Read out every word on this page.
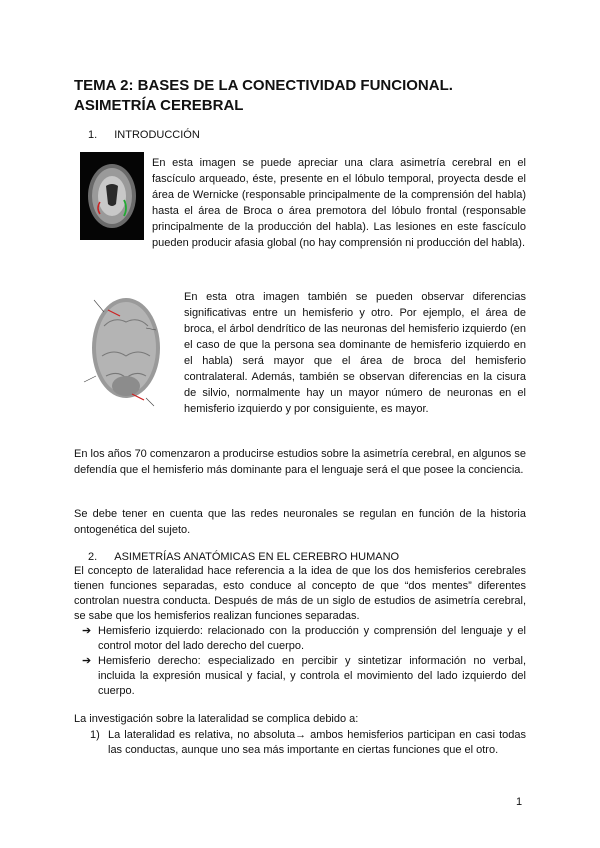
TEMA 2: BASES DE LA CONECTIVIDAD FUNCIONAL.
ASIMETRÍA CEREBRAL
1. INTRODUCCIÓN
En esta imagen se puede apreciar una clara asimetría cerebral en el fascículo arqueado, éste, presente en el lóbulo temporal, proyecta desde el área de Wernicke (responsable principalmente de la comprensión del habla) hasta el área de Broca o área premotora del lóbulo frontal (responsable principalmente de la producción del habla). Las lesiones en este fascículo pueden producir afasia global (no hay comprensión ni producción del habla).
En esta otra imagen también se pueden observar diferencias significativas entre un hemisferio y otro. Por ejemplo, el área de broca, el árbol dendrítico de las neuronas del hemisferio izquierdo (en el caso de que la persona sea dominante de hemisferio izquierdo en el habla) será mayor que el área de broca del hemisferio contralateral. Además, también se observan diferencias en la cisura de silvio, normalmente hay un mayor número de neuronas en el hemisferio izquierdo y por consiguiente, es mayor.
En los años 70 comenzaron a producirse estudios sobre la asimetría cerebral, en algunos se defendía que el hemisferio más dominante para el lenguaje será el que posee la conciencia.
Se debe tener en cuenta que las redes neuronales se regulan en función de la historia ontogenética del sujeto.
2. ASIMETRÍAS ANATÓMICAS EN EL CEREBRO HUMANO
El concepto de lateralidad hace referencia a la idea de que los dos hemisferios cerebrales tienen funciones separadas, esto conduce al concepto de que “dos mentes” diferentes controlan nuestra conducta. Después de más de un siglo de estudios de asimetría cerebral, se sabe que los hemisferios realizan funciones separadas.
➔ Hemisferio izquierdo: relacionado con la producción y comprensión del lenguaje y el control motor del lado derecho del cuerpo.
➔ Hemisferio derecho: especializado en percibir y sintetizar información no verbal, incluida la expresión musical y facial, y controla el movimiento del lado izquierdo del cuerpo.
La investigación sobre la lateralidad se complica debido a:
1) La lateralidad es relativa, no absoluta→ ambos hemisferios participan en casi todas las conductas, aunque uno sea más importante en ciertas funciones que el otro.
1
